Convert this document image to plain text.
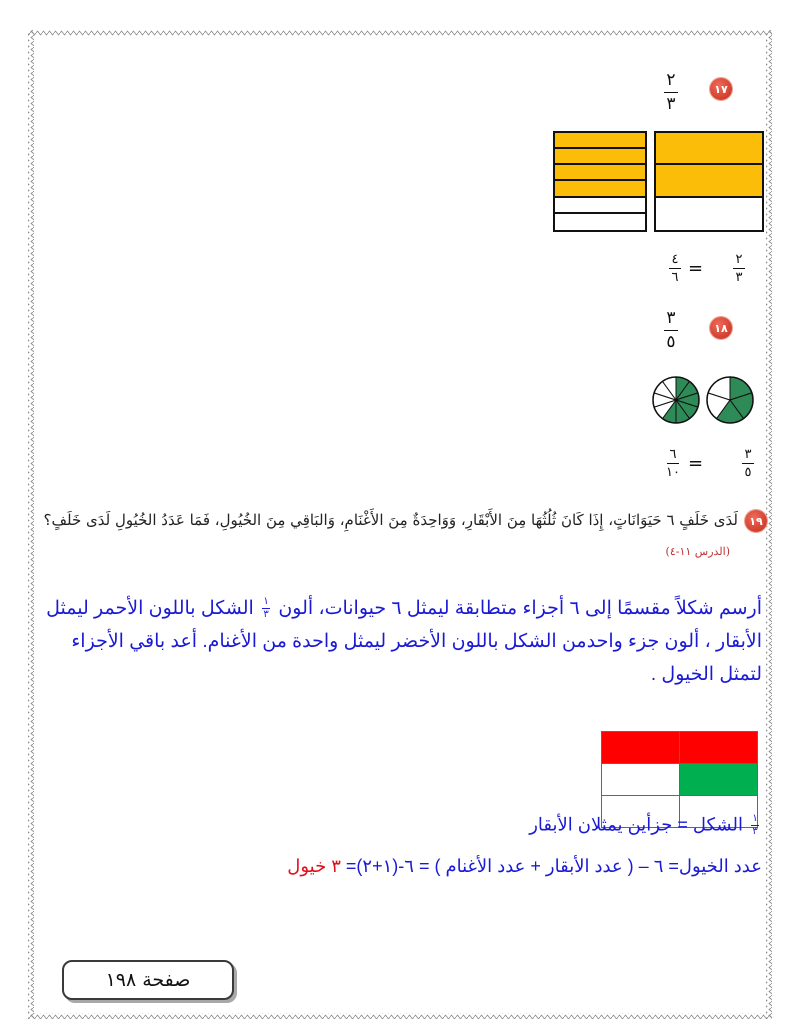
١٧
٢
٣
٤
٦ = ٢
٣
١٨
٣
٥
٦
١٠ =	٣
٥
١٩
لَدَى خَلَفٍ ٦ حَيَوَانَاتٍ، إِذَا كَانَ ثُلُثُهَا مِنَ الأَبْقَارِ، وَوَاحِدَةٌ مِنَ الأَغْنَامِ، وَالبَاقِي مِنَ الخُيُولِ، فَمَا عَدَدُ الخُيُولِ لَدَى خَلَفٍ؟ (الدرس ١١-٤)
أرسم شكلاً مقسمًا إلى ٦ أجزاء متطابقة ليمثل ٦ حيوانات، ألون
$\frac{١}{٣}$
الشكل باللون الأحمر ليمثل الأبقار ، ألون جزء واحدمن الشكل باللون الأخضر ليمثل واحدة من الأغنام. أعد باقي الأجزاء لتمثل الخيول .

$\frac{١}{٣}$
الشكل = جزأين يمثلان الأبقار
عدد الخيول= ٦ – ( عدد الأبقار + عدد الأغنام ) = ٦-(١+٢)= ٣ خيول
صفحة ١٩٨
